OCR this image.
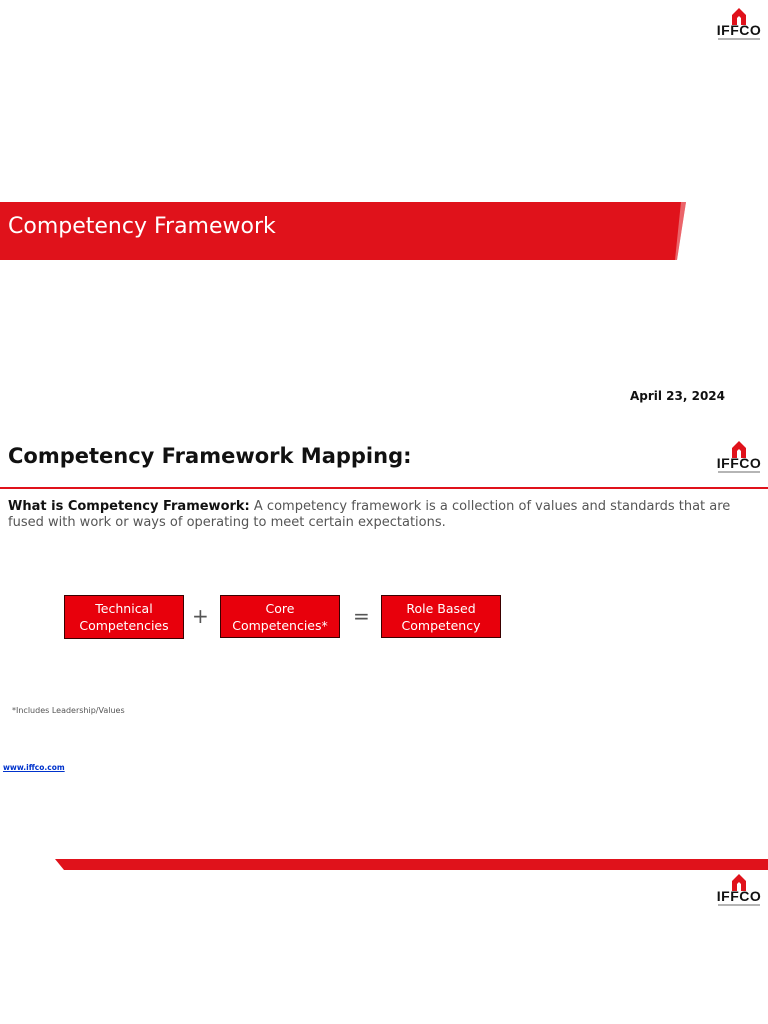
IFFCO
Competency Framework
April 23, 2024
Competency Framework Mapping:	IFFCO
What is Competency Framework: A competency framework is a collection of values and standards that are fused with work or ways of operating to meet certain expectations.
Technical Competencies	+	Core Competencies*	=	Role Based Competency
*Includes Leadership/Values
www.iffco.com
IFFCO
